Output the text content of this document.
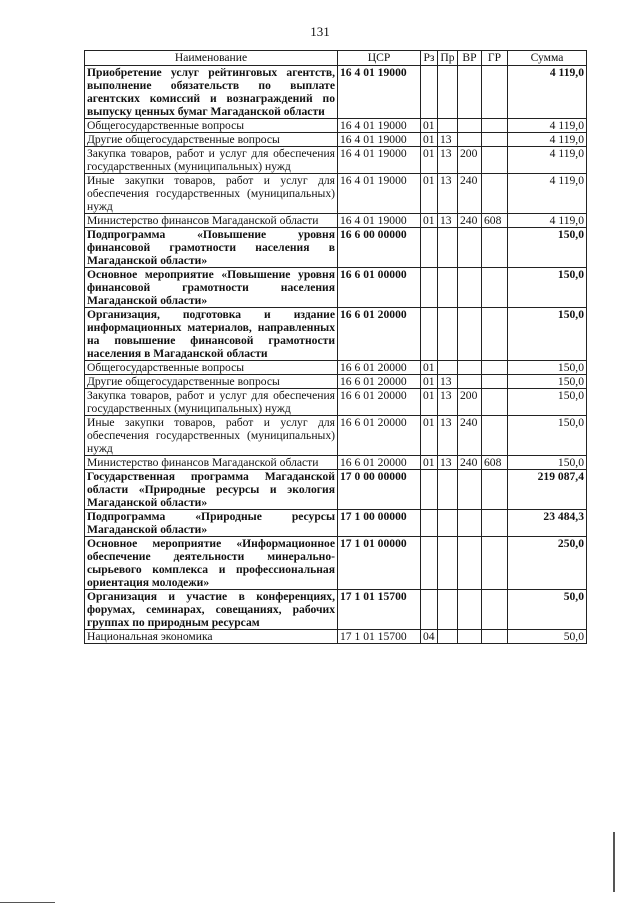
131
Наименование	ЦСР	Рз	Пр	ВР	ГР	Сумма
Приобретение услуг рейтинговых агентств, выполнение обязательств по выплате агентских комиссий и вознаграждений по выпуску ценных бумаг Магаданской области	16 4 01 19000					4 119,0
Общегосударственные вопросы	16 4 01 19000	01				4 119,0
Другие общегосударственные вопросы	16 4 01 19000	01	13			4 119,0
Закупка товаров, работ и услуг для обеспечения государственных (муниципальных) нужд	16 4 01 19000	01	13	200		4 119,0
Иные закупки товаров, работ и услуг для обеспечения государственных (муниципальных) нужд	16 4 01 19000	01	13	240		4 119,0
Министерство финансов Магаданской области	16 4 01 19000	01	13	240	608	4 119,0
Подпрограмма «Повышение уровня финансовой грамотности населения в Магаданской области»	16 6 00 00000					150,0
Основное мероприятие «Повышение уровня финансовой грамотности населения Магаданской области»	16 6 01 00000					150,0
Организация, подготовка и издание информационных материалов, направленных на повышение финансовой грамотности населения в Магаданской области	16 6 01 20000					150,0
Общегосударственные вопросы	16 6 01 20000	01				150,0
Другие общегосударственные вопросы	16 6 01 20000	01	13			150,0
Закупка товаров, работ и услуг для обеспечения государственных (муниципальных) нужд	16 6 01 20000	01	13	200		150,0
Иные закупки товаров, работ и услуг для обеспечения государственных (муниципальных) нужд	16 6 01 20000	01	13	240		150,0
Министерство финансов Магаданской области	16 6 01 20000	01	13	240	608	150,0
Государственная программа Магаданской области «Природные ресурсы и экология Магаданской области»	17 0 00 00000					219 087,4
Подпрограмма «Природные ресурсы Магаданской области»	17 1 00 00000					23 484,3
Основное мероприятие «Информационное обеспечение деятельности минерально-сырьевого комплекса и профессиональная ориентация молодежи»	17 1 01 00000					250,0
Организация и участие в конференциях, форумах, семинарах, совещаниях, рабочих группах по природным ресурсам	17 1 01 15700					50,0
Национальная экономика	17 1 01 15700	04				50,0
